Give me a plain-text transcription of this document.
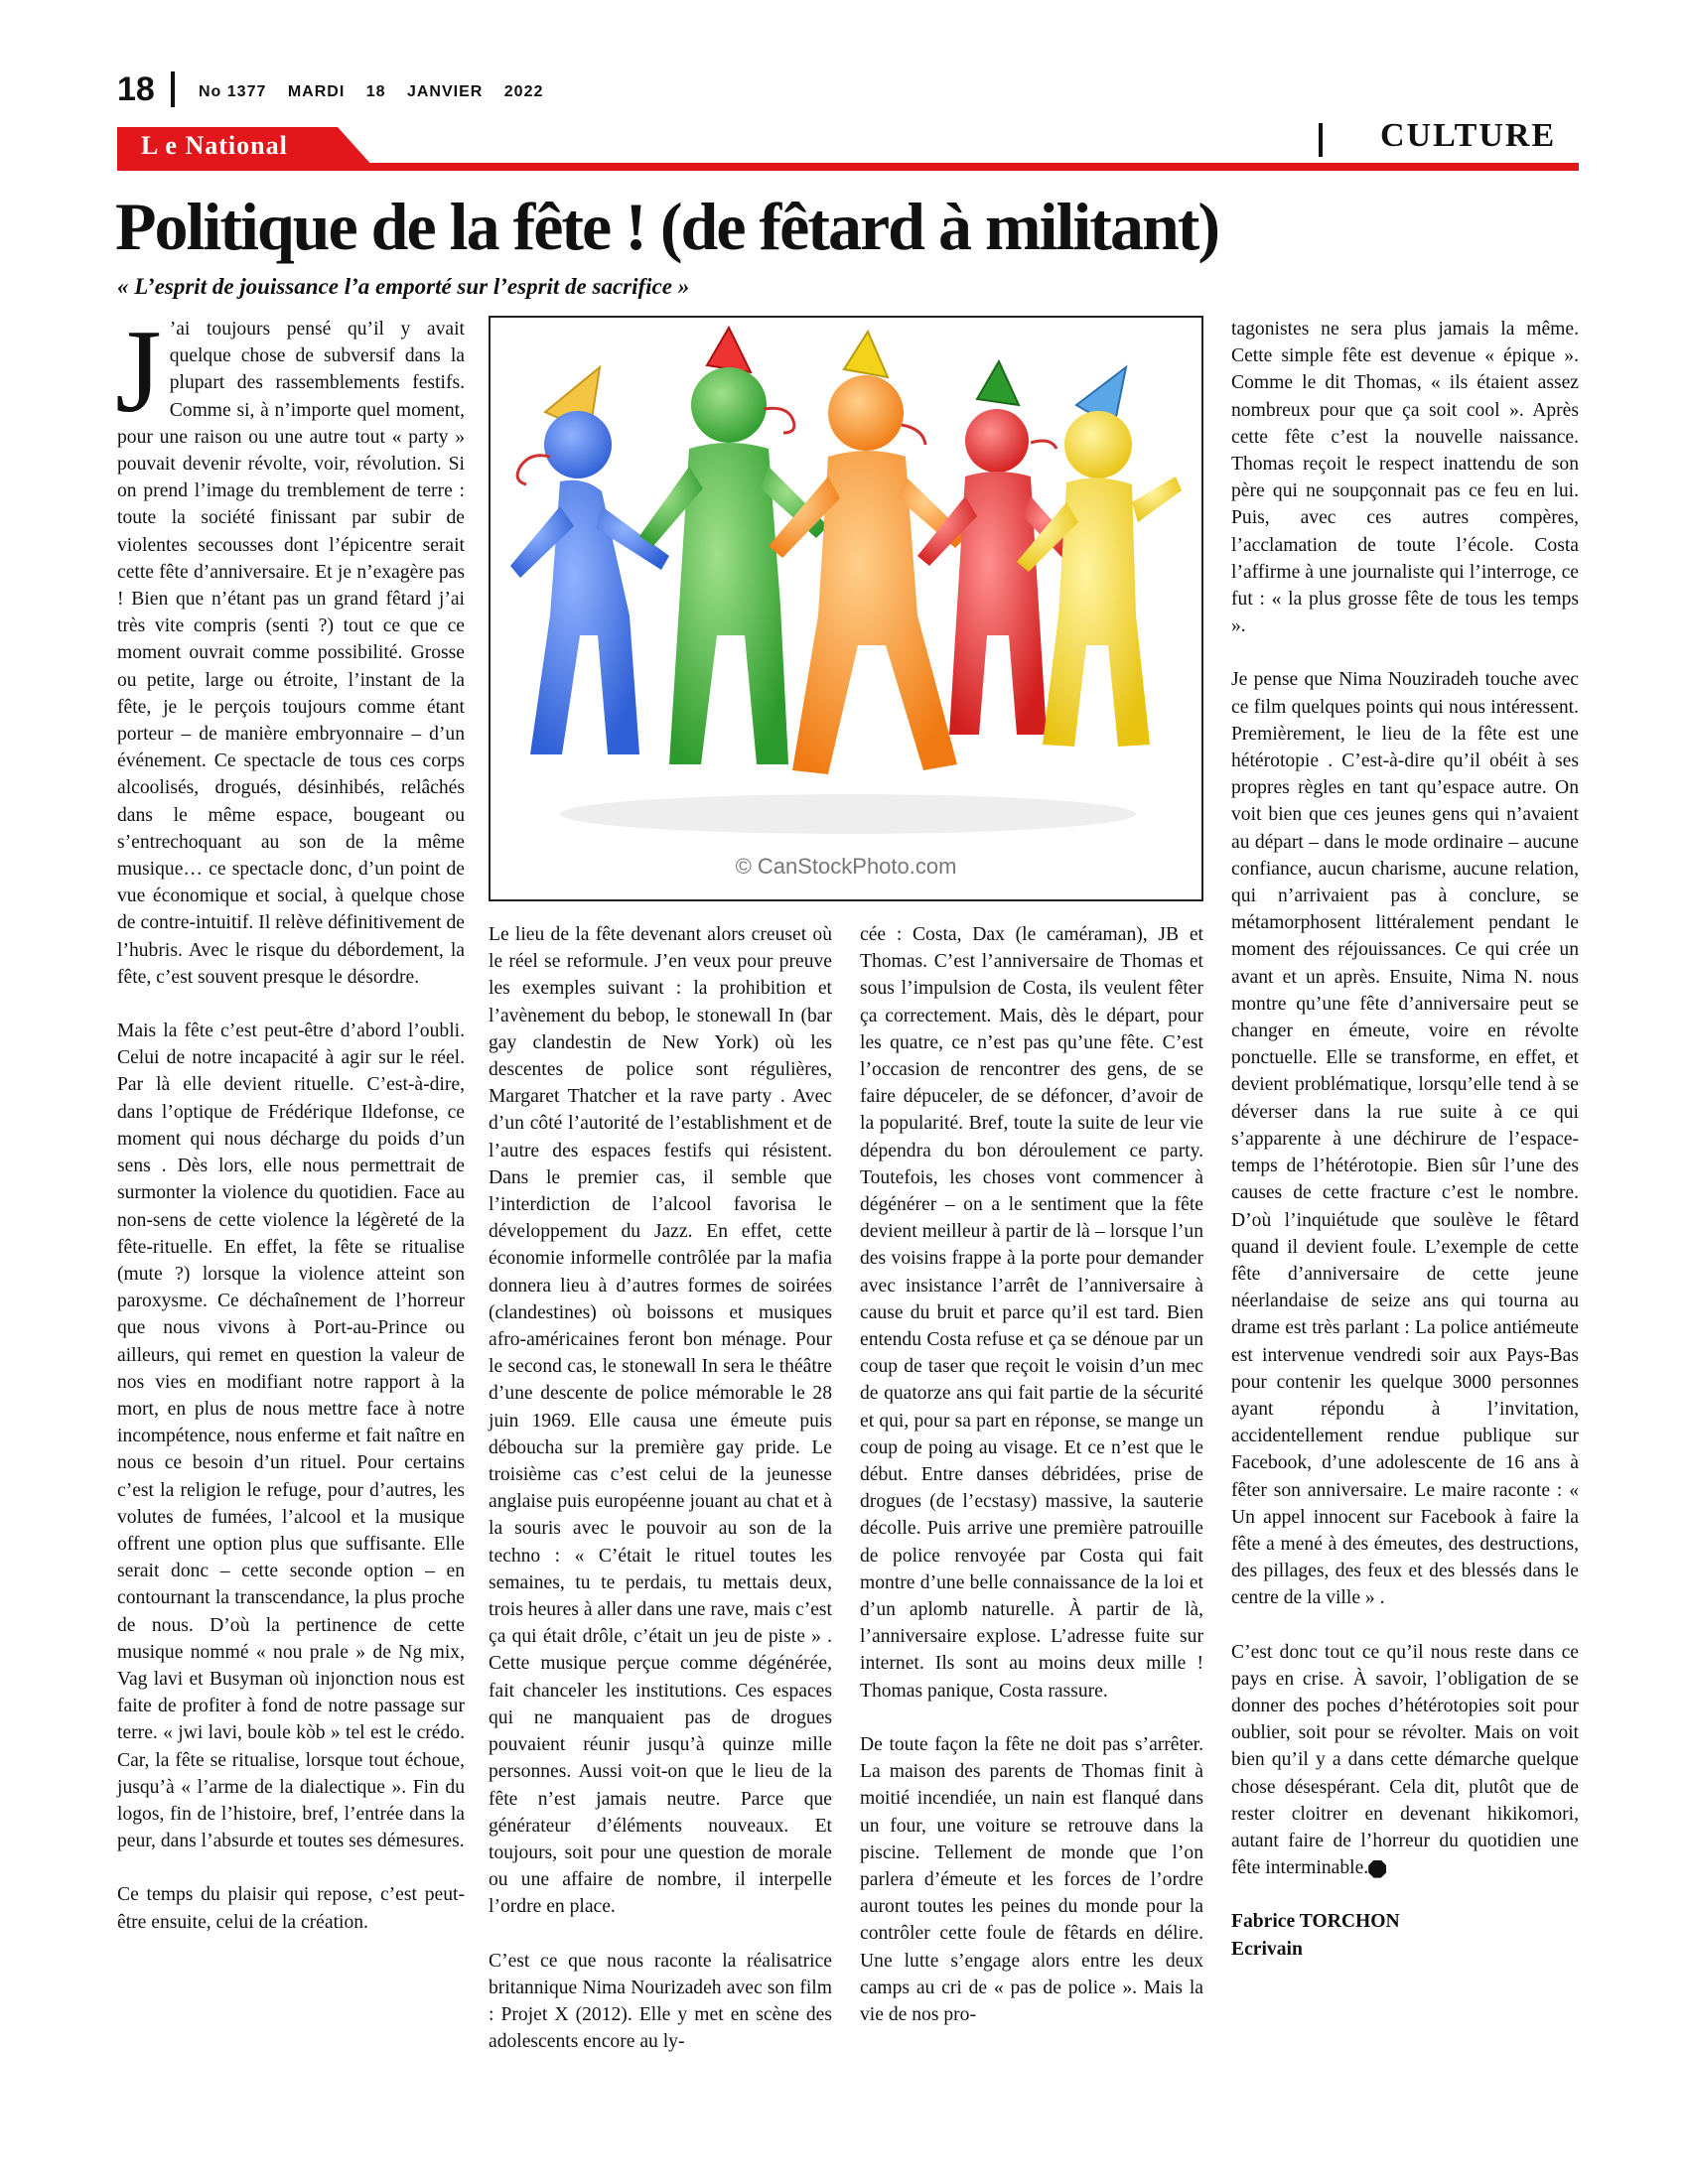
18	No 1377 MARDI 18 JANVIER 2022
L e National	CULTURE
Politique de la fête ! (de fêtard à militant)
« L’esprit de jouissance l’a emporté sur l’esprit de sacrifice »

J ’ai toujours pensé qu’il y avait quelque chose de subversif dans la plupart des rassemblements festifs. Comme si, à n’importe quel moment, pour une raison ou une autre tout « party » pouvait devenir révolte, voir, révolution. Si on prend l’image du tremblement de terre : toute la société finissant par subir de violentes secousses dont l’épicentre serait cette fête d’anniversaire. Et je n’exagère pas ! Bien que n’étant pas un grand fêtard j’ai très vite compris (senti ?) tout ce que ce moment ouvrait comme possibilité. Grosse ou petite, large ou étroite, l’instant de la fête, je le perçois toujours comme étant porteur – de manière embryonnaire – d’un événement. Ce spectacle de tous ces corps alcoolisés, drogués, désinhibés, relâchés dans le même espace, bougeant ou s’entrechoquant au son de la même musique… ce spectacle donc, d’un point de vue économique et social, à quelque chose de contre-intuitif. Il relève définitivement de l’hubris. Avec le risque du débordement, la fête, c’est souvent presque le désordre.

Mais la fête c’est peut-être d’abord l’oubli. Celui de notre incapacité à agir sur le réel. Par là elle devient rituelle. C’est-à-dire, dans l’optique de Frédérique Ildefonse, ce moment qui nous décharge du poids d’un sens . Dès lors, elle nous permettrait de surmonter la violence du quotidien. Face au non-sens de cette violence la légèreté de la fête-rituelle. En effet, la fête se ritualise (mute ?) lorsque la violence atteint son paroxysme. Ce déchaînement de l’horreur que nous vivons à Port-au-Prince ou ailleurs, qui remet en question la valeur de nos vies en modifiant notre rapport à la mort, en plus de nous mettre face à notre incompétence, nous enferme et fait naître en nous ce besoin d’un rituel. Pour certains c’est la religion le refuge, pour d’autres, les volutes de fumées, l’alcool et la musique offrent une option plus que suffisante. Elle serait donc – cette seconde option – en contournant la transcendance, la plus proche de nous. D’où la pertinence de cette musique nommé « nou prale » de Ng mix, Vag lavi et Busyman où injonction nous est faite de profiter à fond de notre passage sur terre. « jwi lavi, boule kòb » tel est le crédo. Car, la fête se ritualise, lorsque tout échoue, jusqu’à « l’arme de la dialectique ». Fin du logos, fin de l’histoire, bref, l’entrée dans la peur, dans l’absurde et toutes ses démesures.

Ce temps du plaisir qui repose, c’est peut-être ensuite, celui de la création.

© CanStockPhoto.com

Le lieu de la fête devenant alors creuset où le réel se reformule. J’en veux pour preuve les exemples suivant : la prohibition et l’avènement du bebop, le stonewall In (bar gay clandestin de New York) où les descentes de police sont régulières, Margaret Thatcher et la rave party . Avec d’un côté l’autorité de l’establishment et de l’autre des espaces festifs qui résistent. Dans le premier cas, il semble que l’interdiction de l’alcool favorisa le développement du Jazz. En effet, cette économie informelle contrôlée par la mafia donnera lieu à d’autres formes de soirées (clandestines) où boissons et musiques afro-américaines feront bon ménage. Pour le second cas, le stonewall In sera le théâtre d’une descente de police mémorable le 28 juin 1969. Elle causa une émeute puis déboucha sur la première gay pride. Le troisième cas c’est celui de la jeunesse anglaise puis européenne jouant au chat et à la souris avec le pouvoir au son de la techno : « C’était le rituel toutes les semaines, tu te perdais, tu mettais deux, trois heures à aller dans une rave, mais c’est ça qui était drôle, c’était un jeu de piste » . Cette musique perçue comme dégénérée, fait chanceler les institutions. Ces espaces qui ne manquaient pas de drogues pouvaient réunir jusqu’à quinze mille personnes. Aussi voit-on que le lieu de la fête n’est jamais neutre. Parce que générateur d’éléments nouveaux. Et toujours, soit pour une question de morale ou une affaire de nombre, il interpelle l’ordre en place.

C’est ce que nous raconte la réalisatrice britannique Nima Nourizadeh avec son film : Projet X (2012). Elle y met en scène des adolescents encore au ly-

cée : Costa, Dax (le caméraman), JB et Thomas. C’est l’anniversaire de Thomas et sous l’impulsion de Costa, ils veulent fêter ça correctement. Mais, dès le départ, pour les quatre, ce n’est pas qu’une fête. C’est l’occasion de rencontrer des gens, de se faire dépuceler, de se défoncer, d’avoir de la popularité. Bref, toute la suite de leur vie dépendra du bon déroulement ce party. Toutefois, les choses vont commencer à dégénérer – on a le sentiment que la fête devient meilleur à partir de là – lorsque l’un des voisins frappe à la porte pour demander avec insistance l’arrêt de l’anniversaire à cause du bruit et parce qu’il est tard. Bien entendu Costa refuse et ça se dénoue par un coup de taser que reçoit le voisin d’un mec de quatorze ans qui fait partie de la sécurité et qui, pour sa part en réponse, se mange un coup de poing au visage. Et ce n’est que le début. Entre danses débridées, prise de drogues (de l’ecstasy) massive, la sauterie décolle. Puis arrive une première patrouille de police renvoyée par Costa qui fait montre d’une belle connaissance de la loi et d’un aplomb naturelle. À partir de là, l’anniversaire explose. L’adresse fuite sur internet. Ils sont au moins deux mille ! Thomas panique, Costa rassure.

De toute façon la fête ne doit pas s’arrêter. La maison des parents de Thomas finit à moitié incendiée, un nain est flanqué dans un four, une voiture se retrouve dans la piscine. Tellement de monde que l’on parlera d’émeute et les forces de l’ordre auront toutes les peines du monde pour la contrôler cette foule de fêtards en délire. Une lutte s’engage alors entre les deux camps au cri de « pas de police ». Mais la vie de nos pro-

tagonistes ne sera plus jamais la même. Cette simple fête est devenue « épique ». Comme le dit Thomas, « ils étaient assez nombreux pour que ça soit cool ». Après cette fête c’est la nouvelle naissance. Thomas reçoit le respect inattendu de son père qui ne soupçonnait pas ce feu en lui. Puis, avec ces autres compères, l’acclamation de toute l’école. Costa l’affirme à une journaliste qui l’interroge, ce fut : « la plus grosse fête de tous les temps ».

Je pense que Nima Nouziradeh touche avec ce film quelques points qui nous intéressent. Premièrement, le lieu de la fête est une hétérotopie . C’est-à-dire qu’il obéit à ses propres règles en tant qu’espace autre. On voit bien que ces jeunes gens qui n’avaient au départ – dans le mode ordinaire – aucune confiance, aucun charisme, aucune relation, qui n’arrivaient pas à conclure, se métamorphosent littéralement pendant le moment des réjouissances. Ce qui crée un avant et un après. Ensuite, Nima N. nous montre qu’une fête d’anniversaire peut se changer en émeute, voire en révolte ponctuelle. Elle se transforme, en effet, et devient problématique, lorsqu’elle tend à se déverser dans la rue suite à ce qui s’apparente à une déchirure de l’espace-temps de l’hétérotopie. Bien sûr l’une des causes de cette fracture c’est le nombre. D’où l’inquiétude que soulève le fêtard quand il devient foule. L’exemple de cette fête d’anniversaire de cette jeune néerlandaise de seize ans qui tourna au drame est très parlant : La police antiémeute est intervenue vendredi soir aux Pays-Bas pour contenir les quelque 3000 personnes ayant répondu à l’invitation, accidentellement rendue publique sur Facebook, d’une adolescente de 16 ans à fêter son anniversaire. Le maire raconte : « Un appel innocent sur Facebook à faire la fête a mené à des émeutes, des destructions, des pillages, des feux et des blessés dans le centre de la ville » .

C’est donc tout ce qu’il nous reste dans ce pays en crise. À savoir, l’obligation de se donner des poches d’hétérotopies soit pour oublier, soit pour se révolter. Mais on voit bien qu’il y a dans cette démarche quelque chose désespérant. Cela dit, plutôt que de rester cloitrer en devenant hikikomori, autant faire de l’horreur du quotidien une fête interminable.

Fabrice TORCHON
Ecrivain
